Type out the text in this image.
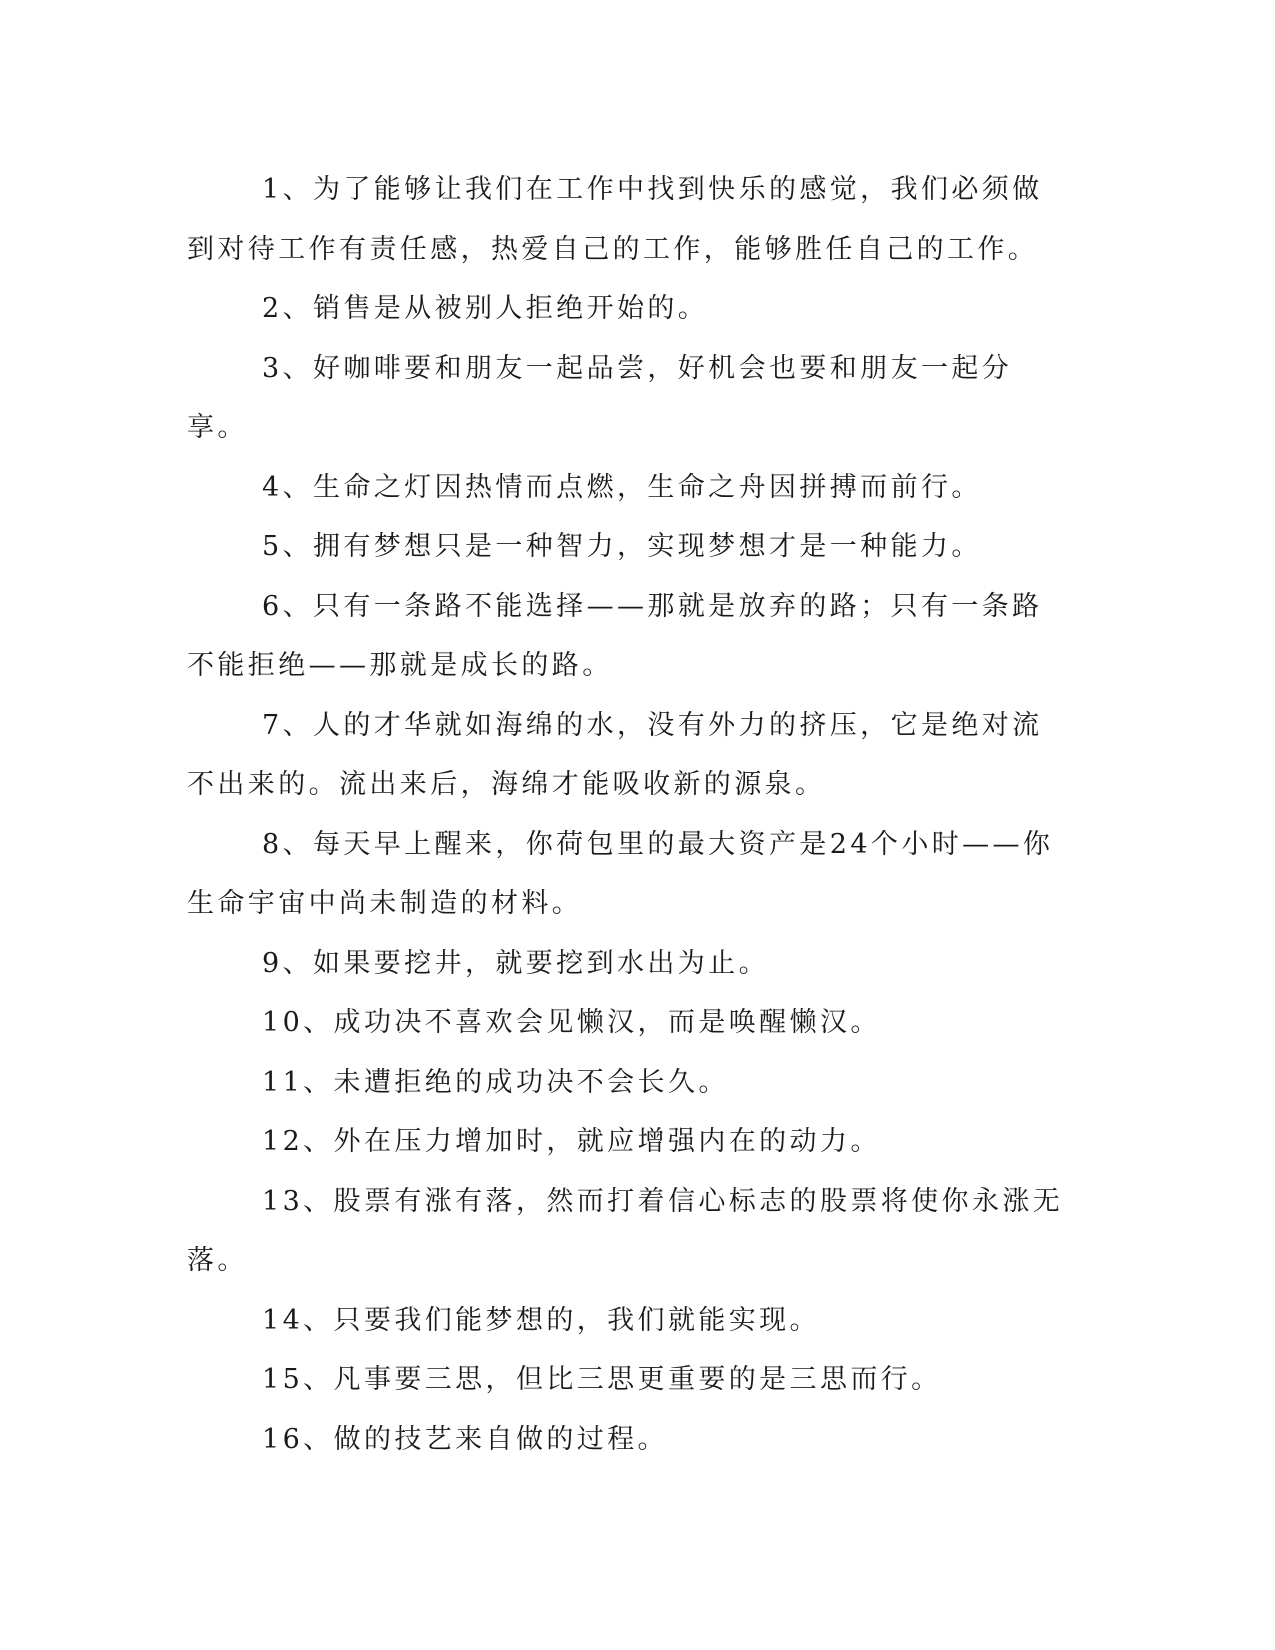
1、为了能够让我们在工作中找到快乐的感觉，我们必须做到对待工作有责任感，热爱自己的工作，能够胜任自己的工作。

2、销售是从被别人拒绝开始的。

3、好咖啡要和朋友一起品尝，好机会也要和朋友一起分享。

4、生命之灯因热情而点燃，生命之舟因拼搏而前行。

5、拥有梦想只是一种智力，实现梦想才是一种能力。

6、只有一条路不能选择——那就是放弃的路；只有一条路不能拒绝——那就是成长的路。

7、人的才华就如海绵的水，没有外力的挤压，它是绝对流不出来的。流出来后，海绵才能吸收新的源泉。

8、每天早上醒来，你荷包里的最大资产是24个小时——你生命宇宙中尚未制造的材料。

9、如果要挖井，就要挖到水出为止。

10、成功决不喜欢会见懒汉，而是唤醒懒汉。

11、未遭拒绝的成功决不会长久。

12、外在压力增加时，就应增强内在的动力。

13、股票有涨有落，然而打着信心标志的股票将使你永涨无落。

14、只要我们能梦想的，我们就能实现。

15、凡事要三思，但比三思更重要的是三思而行。

16、做的技艺来自做的过程。
